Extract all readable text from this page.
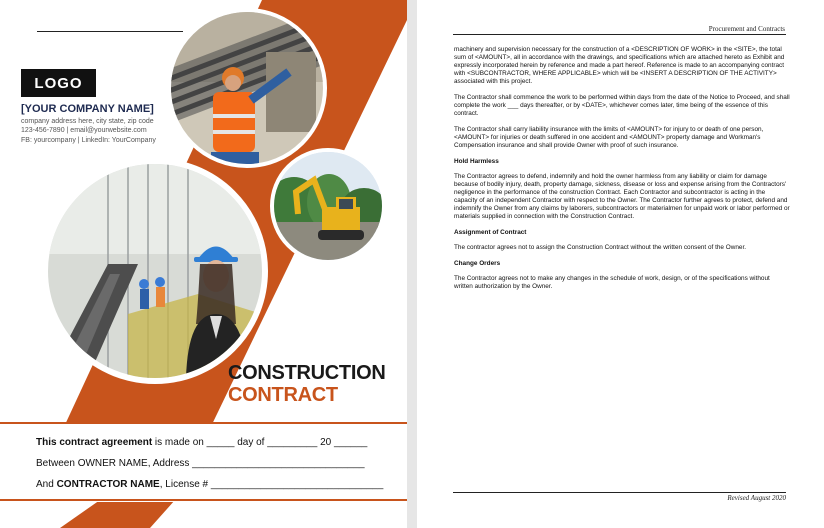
LOGO
[YOUR COMPANY NAME]
company address here, city state, zip code
123-456-7890 | email@yourwebsite.com
FB: yourcompany | LinkedIn: YourCompany
CONSTRUCTION
CONTRACT
This contract agreement is made on _____ day of _________ 20 ______
Between OWNER NAME, Address _______________________________
And CONTRACTOR NAME, License # _______________________________
Procurement and Contracts

machinery and supervision necessary for the construction of a <DESCRIPTION OF WORK> in the <SITE>, the total sum of <AMOUNT>, all in accordance with the drawings, and specifications which are attached hereto as Exhibit and expressly incorporated herein by reference and made a part hereof. Reference is made to an accompanying contract with <SUBCONTRACTOR, WHERE APPLICABLE> which will be <INSERT A DESCRIPTION OF THE ACTIVITY> associated with this project.

The Contractor shall commence the work to be performed within days from the date of the Notice to Proceed, and shall complete the work ___ days thereafter, or by <DATE>, whichever comes later, time being of the essence of this contract.

The Contractor shall carry liability insurance with the limits of <AMOUNT> for injury to or death of one person, <AMOUNT> for injuries or death suffered in one accident and <AMOUNT> property damage and Workman's Compensation insurance and shall provide Owner with proof of such insurance.

Hold Harmless

The Contractor agrees to defend, indemnify and hold the owner harmless from any liability or claim for damage because of bodily injury, death, property damage, sickness, disease or loss and expense arising from the Contractors' negligence in the performance of the construction Contract. Each Contractor and subcontractor is acting in the capacity of an independent Contractor with respect to the Owner. The Contractor further agrees to protect, defend and indemnify the Owner from any claims by laborers, subcontractors or materialmen for unpaid work or labor performed or materials supplied in connection with the Construction Contract.

Assignment of Contract

The contractor agrees not to assign the Construction Contract without the written consent of the Owner.

Change Orders

The Contractor agrees not to make any changes in the schedule of work, design, or of the specifications without written authorization by the Owner.

Revised August 2020
